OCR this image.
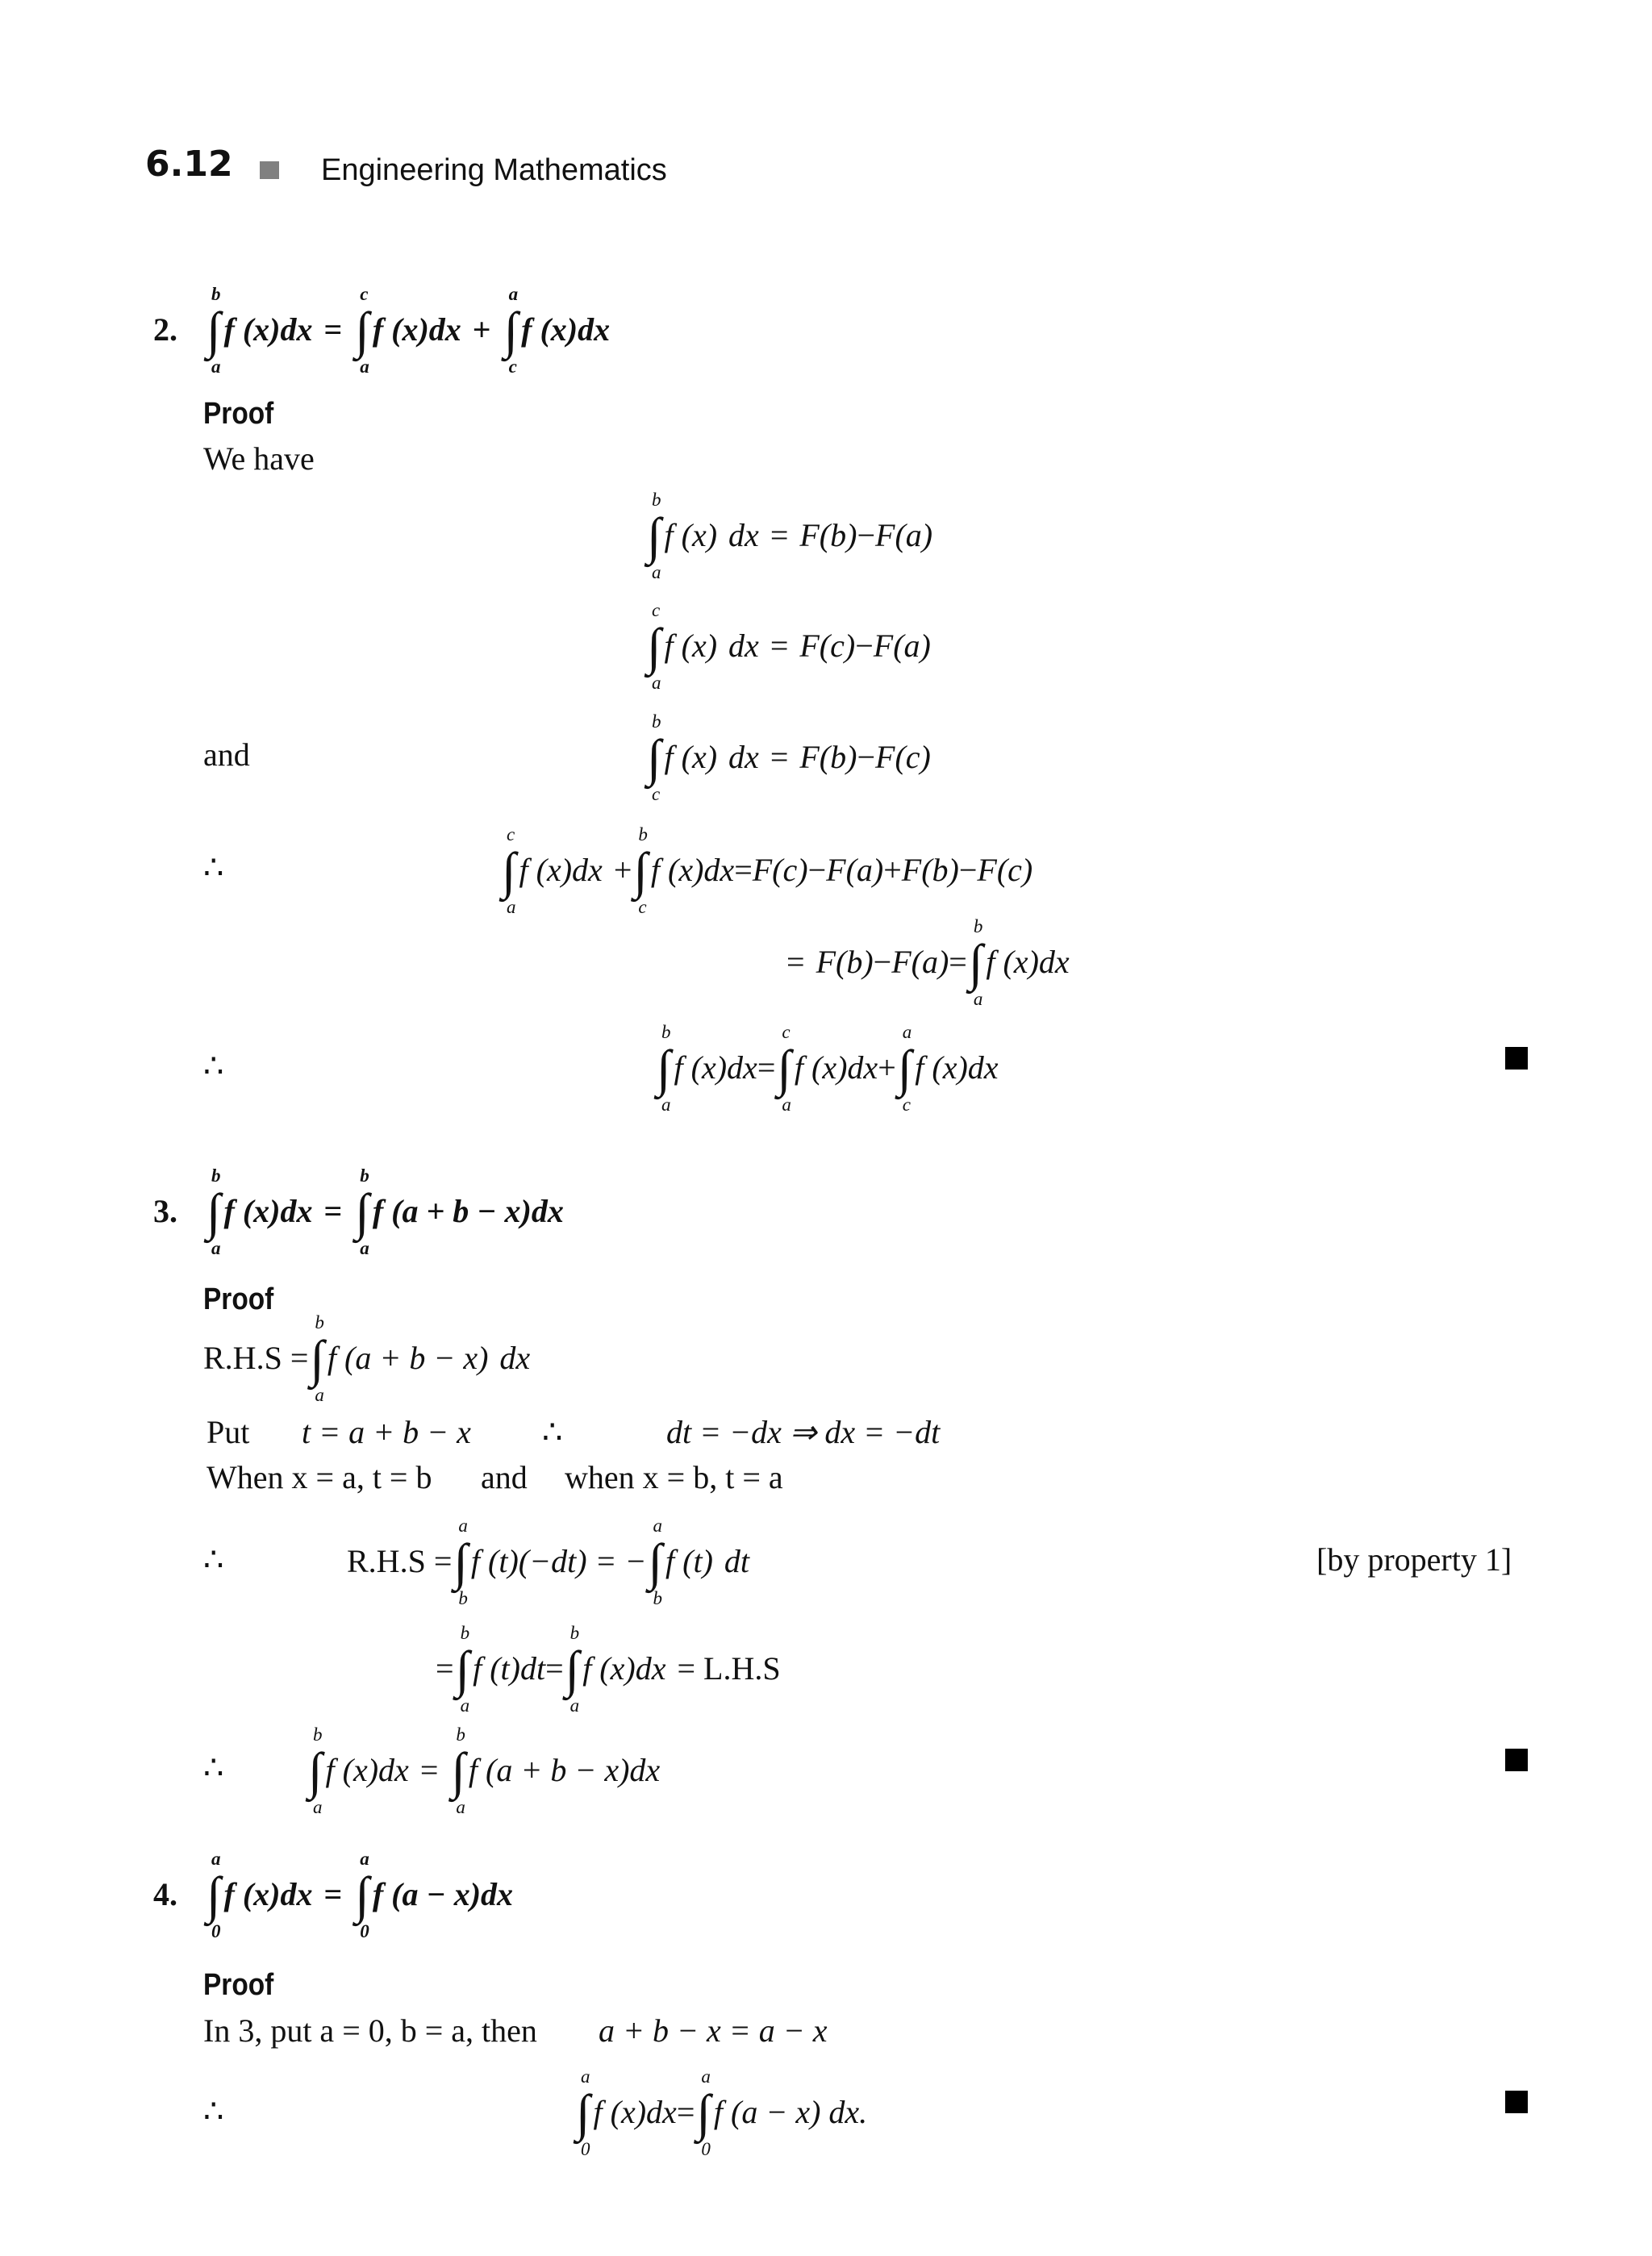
6.12	Engineering Mathematics
2.
b
∫
a
f (x) dx =
c
∫
a
f (x) dx +
a
∫
c
f (x) dx
Proof
We have
b
∫
a
f (x) dx = F(b) − F(a)
c
∫
a
f (x) dx = F(c) − F(a)
and
b
∫
c
f (x) dx = F(b) − F(c)
∴
c
∫
a
f (x) dx +
b
∫
c
f (x) dx = F(c) − F(a) + F(b) − F(c)
= F(b) − F(a) =
b
∫
a
f (x) dx
∴
b
∫
a
f (x) dx =
c
∫
a
f (x) dx +
a
∫
c
f (x) dx
3.
b
∫
a
f (x) dx =
b
∫
a
f (a + b − x) dx
Proof
R.H.S =
b
∫
a
f (a + b − x) dx
Put t = a + b − x ∴	dt = −dx ⇒ dx = −dt
When x = a, t = b and when x = b, t = a
∴	R.H.S =
a
∫
b
f (t)(−dt) = −
a
∫
b
f (t) dt	[by property 1]
=
b
∫
a
f (t) dt =
b
∫
a
f (x) dx = L.H.S
∴
b
∫
a
f (x) dx =
b
∫
a
f (a + b − x) dx
4.
a
∫
0
f (x) dx =
a
∫
0
f (a − x) dx
Proof
In 3, put a = 0, b = a, then a + b − x = a − x
∴
a
∫
0
f (x) dx =
a
∫
0
f (a − x) dx.
